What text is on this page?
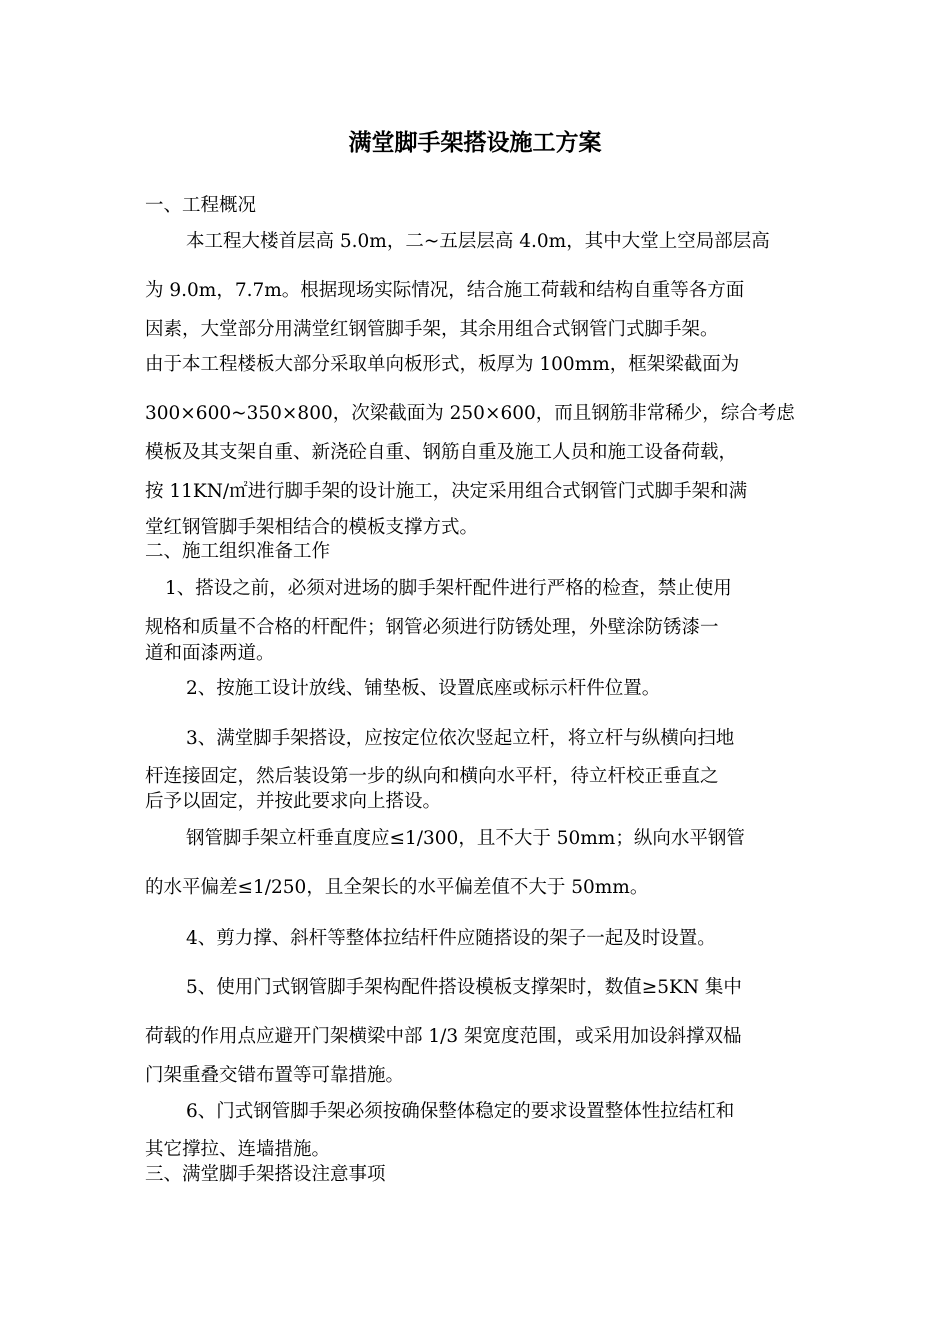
满堂脚手架搭设施工方案
一、工程概况
本工程大楼首层高 5.0m，二~五层层高 4.0m，其中大堂上空局部层高
为 9.0m，7.7m。根据现场实际情况，结合施工荷载和结构自重等各方面
因素，大堂部分用满堂红钢管脚手架，其余用组合式钢管门式脚手架。
由于本工程楼板大部分采取单向板形式，板厚为 100mm，框架梁截面为
300×600~350×800，次梁截面为 250×600，而且钢筋非常稀少，综合考虑
模板及其支架自重、新浇砼自重、钢筋自重及施工人员和施工设备荷载，
按 11KN/㎡进行脚手架的设计施工，决定采用组合式钢管门式脚手架和满
堂红钢管脚手架相结合的模板支撑方式。
二、施工组织准备工作
1、搭设之前，必须对进场的脚手架杆配件进行严格的检查，禁止使用
规格和质量不合格的杆配件；钢管必须进行防锈处理，外壁涂防锈漆一
道和面漆两道。
2、按施工设计放线、铺垫板、设置底座或标示杆件位置。
3、满堂脚手架搭设，应按定位依次竖起立杆，将立杆与纵横向扫地
杆连接固定，然后装设第一步的纵向和横向水平杆，待立杆校正垂直之
后予以固定，并按此要求向上搭设。
钢管脚手架立杆垂直度应≤1/300，且不大于 50mm；纵向水平钢管
的水平偏差≤1/250，且全架长的水平偏差值不大于 50mm。
4、剪力撑、斜杆等整体拉结杆件应随搭设的架子一起及时设置。
5、使用门式钢管脚手架构配件搭设模板支撑架时，数值≥5KN 集中
荷载的作用点应避开门架横梁中部 1/3 架宽度范围，或采用加设斜撑双榀
门架重叠交错布置等可靠措施。
6、门式钢管脚手架必须按确保整体稳定的要求设置整体性拉结杠和
其它撑拉、连墙措施。
三、满堂脚手架搭设注意事项
